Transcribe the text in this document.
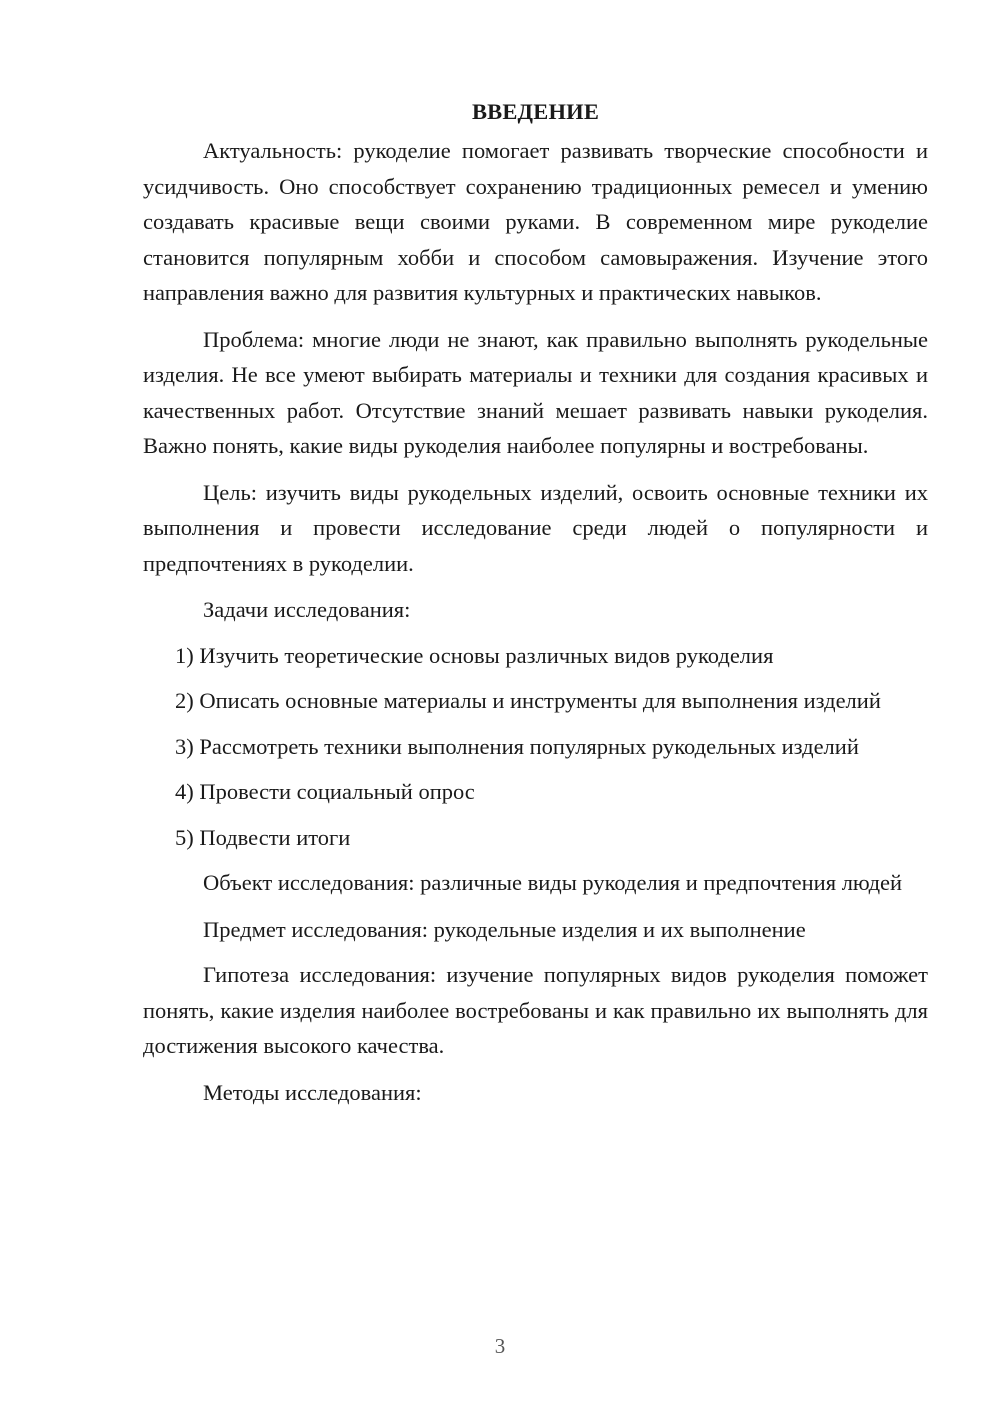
ВВЕДЕНИЕ

Актуальность: рукоделие помогает развивать творческие способности и усидчивость. Оно способствует сохранению традиционных ремесел и умению создавать красивые вещи своими руками. В современном мире рукоделие становится популярным хобби и способом самовыражения. Изучение этого направления важно для развития культурных и практических навыков.

Проблема: многие люди не знают, как правильно выполнять рукодельные изделия. Не все умеют выбирать материалы и техники для создания красивых и качественных работ. Отсутствие знаний мешает развивать навыки рукоделия. Важно понять, какие виды рукоделия наиболее популярны и востребованы.

Цель: изучить виды рукодельных изделий, освоить основные техники их выполнения и провести исследование среди людей о популярности и предпочтениях в рукоделии.

Задачи исследования:

1) Изучить теоретические основы различных видов рукоделия

2) Описать основные материалы и инструменты для выполнения изделий

3) Рассмотреть техники выполнения популярных рукодельных изделий

4) Провести социальный опрос

5) Подвести итоги

Объект исследования: различные виды рукоделия и предпочтения людей

Предмет исследования: рукодельные изделия и их выполнение

Гипотеза исследования: изучение популярных видов рукоделия поможет понять, какие изделия наиболее востребованы и как правильно их выполнять для достижения высокого качества.

Методы исследования:

3
